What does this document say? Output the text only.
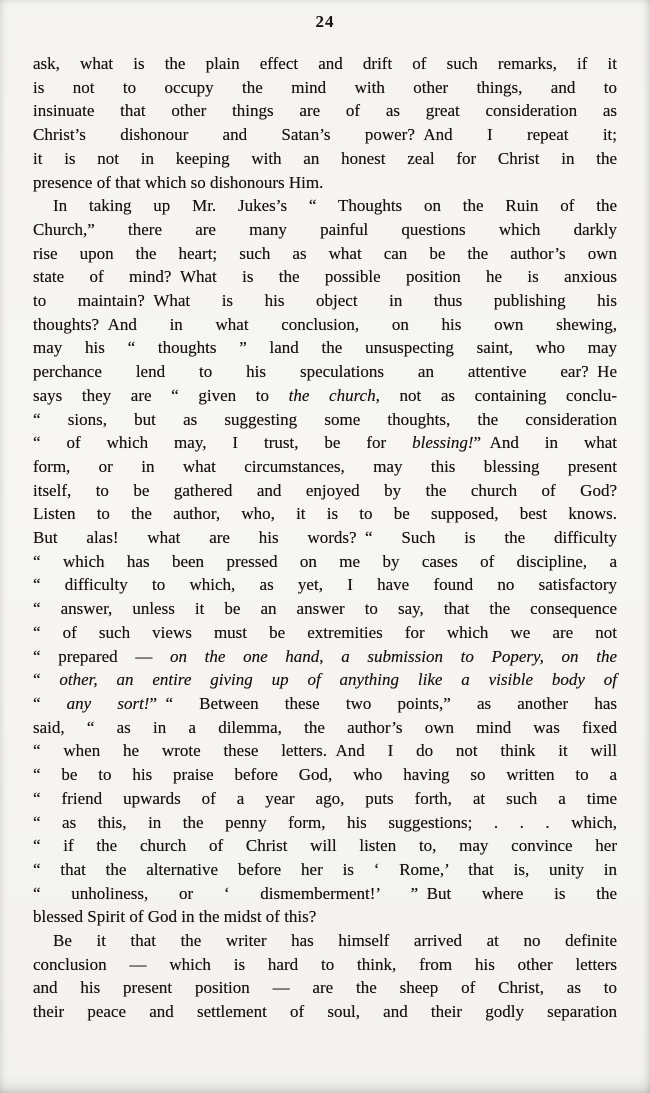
24
ask, what is the plain effect and drift of such remarks, if it
is not to occupy the mind with other things, and to
insinuate that other things are of as great consideration as
Christ’s dishonour and Satan’s power? And I repeat it;
it is not in keeping with an honest zeal for Christ in the
presence of that which so dishonours Him.
In taking up Mr. Jukes’s “ Thoughts on the Ruin of the
Church,” there are many painful questions which darkly
rise upon the heart; such as what can be the author’s own
state of mind? What is the possible position he is anxious
to maintain? What is his object in thus publishing his
thoughts? And in what conclusion, on his own shewing,
may his “ thoughts ” land the unsuspecting saint, who may
perchance lend to his speculations an attentive ear? He
says they are “ given to the church, not as containing conclu-
“ sions, but as suggesting some thoughts, the consideration
“ of which may, I trust, be for blessing!” And in what
form, or in what circumstances, may this blessing present
itself, to be gathered and enjoyed by the church of God?
Listen to the author, who, it is to be supposed, best knows.
But alas! what are his words? “ Such is the difficulty
“ which has been pressed on me by cases of discipline, a
“ difficulty to which, as yet, I have found no satisfactory
“ answer, unless it be an answer to say, that the consequence
“ of such views must be extremities for which we are not
“ prepared — on the one hand, a submission to Popery, on the
“ other, an entire giving up of anything like a visible body of
“ any sort!” “ Between these two points,” as another has
said, “ as in a dilemma, the author’s own mind was fixed
“ when he wrote these letters. And I do not think it will
“ be to his praise before God, who having so written to a
“ friend upwards of a year ago, puts forth, at such a time
“ as this, in the penny form, his suggestions; . . . which,
“ if the church of Christ will listen to, may convince her
“ that the alternative before her is ‘ Rome,’ that is, unity in
“ unholiness, or ‘ dismemberment!’ ” But where is the
blessed Spirit of God in the midst of this?
Be it that the writer has himself arrived at no definite
conclusion — which is hard to think, from his other letters
and his present position — are the sheep of Christ, as to
their peace and settlement of soul, and their godly separation
